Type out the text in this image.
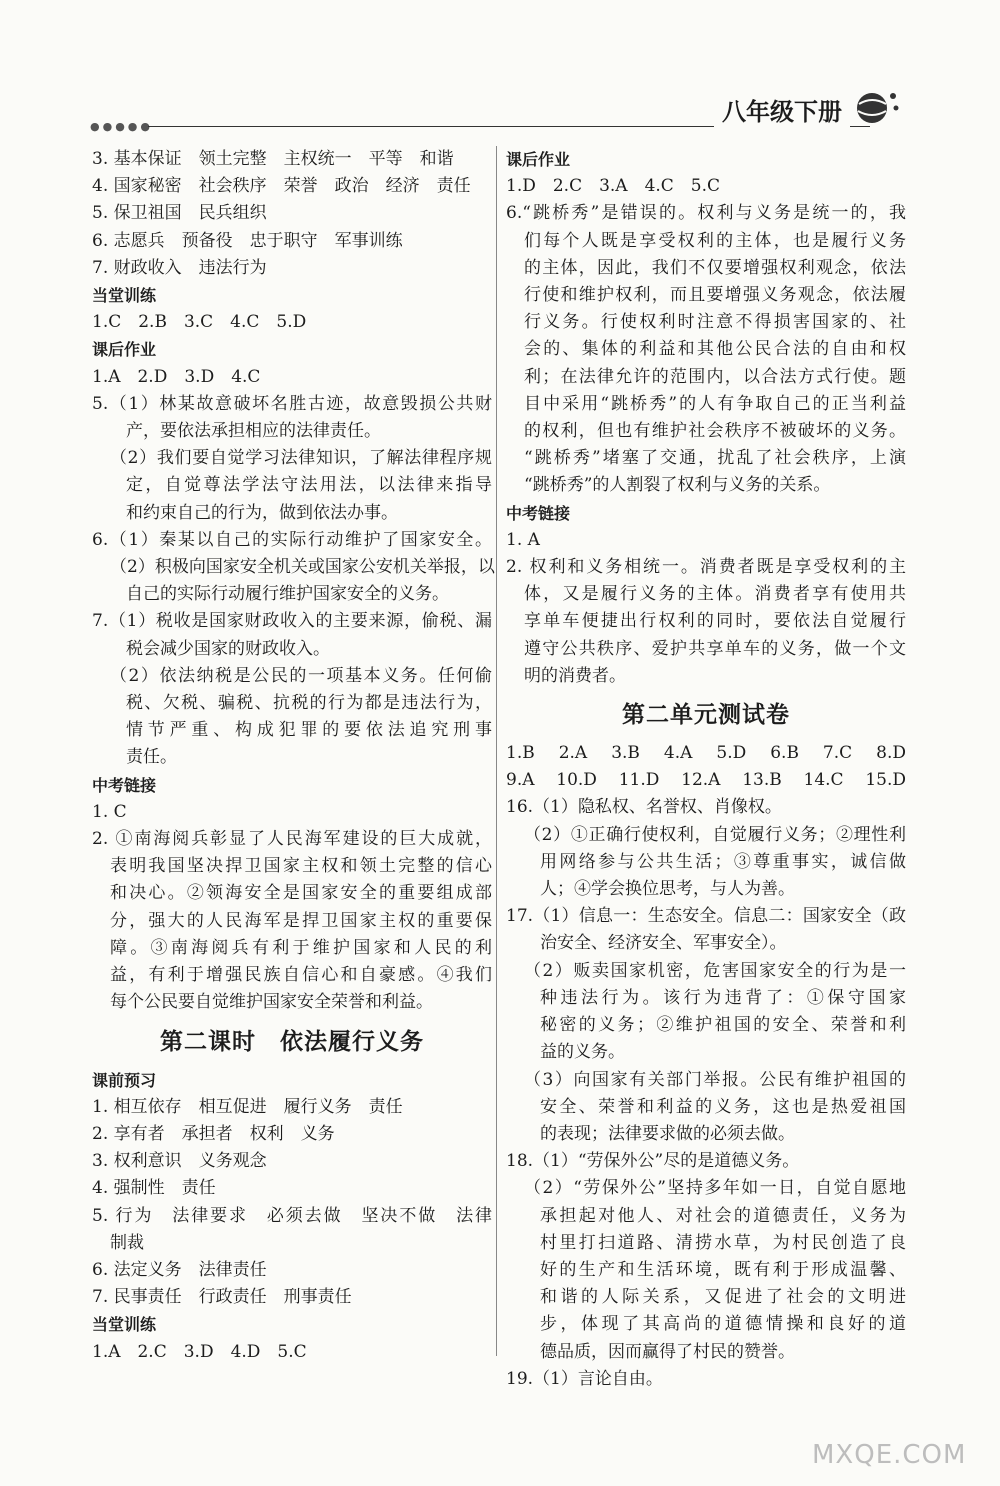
●●●●●
八年级下册
3. 基本保证　领土完整　主权统一　平等　和谐
4. 国家秘密　社会秩序　荣誉　政治　经济　责任
5. 保卫祖国　民兵组织
6. 志愿兵　预备役　忠于职守　军事训练
7. 财政收入　违法行为
当堂训练
1.C　2.B　3.C　4.C　5.D
课后作业
1.A　2.D　3.D　4.C
5.（1）林某故意破坏名胜古迹，故意毁损公共财
产，要依法承担相应的法律责任。
（2）我们要自觉学习法律知识，了解法律程序规
定，自觉尊法学法守法用法，以法律来指导
和约束自己的行为，做到依法办事。
6.（1）秦某以自己的实际行动维护了国家安全。
（2）积极向国家安全机关或国家公安机关举报，以
自己的实际行动履行维护国家安全的义务。
7.（1）税收是国家财政收入的主要来源，偷税、漏
税会减少国家的财政收入。
（2）依法纳税是公民的一项基本义务。任何偷
税、欠税、骗税、抗税的行为都是违法行为，
情节严重、构成犯罪的要依法追究刑事
责任。
中考链接
1. C
2. ①南海阅兵彰显了人民海军建设的巨大成就，
表明我国坚决捍卫国家主权和领土完整的信心
和决心。②领海安全是国家安全的重要组成部
分，强大的人民海军是捍卫国家主权的重要保
障。③南海阅兵有利于维护国家和人民的利
益，有利于增强民族自信心和自豪感。④我们
每个公民要自觉维护国家安全荣誉和利益。
第二课时　依法履行义务
课前预习
1. 相互依存　相互促进　履行义务　责任
2. 享有者　承担者　权利　义务
3. 权利意识　义务观念
4. 强制性　责任
5. 行为　法律要求　必须去做　坚决不做　法律
制裁
6. 法定义务　法律责任
7. 民事责任　行政责任　刑事责任
当堂训练
1.A　2.C　3.D　4.D　5.C
课后作业
1.D　2.C　3.A　4.C　5.C
6.“跳桥秀”是错误的。权利与义务是统一的，我
们每个人既是享受权利的主体，也是履行义务
的主体，因此，我们不仅要增强权利观念，依法
行使和维护权利，而且要增强义务观念，依法履
行义务。行使权利时注意不得损害国家的、社
会的、集体的利益和其他公民合法的自由和权
利；在法律允许的范围内，以合法方式行使。题
目中采用“跳桥秀”的人有争取自己的正当利益
的权利，但也有维护社会秩序不被破坏的义务。
“跳桥秀”堵塞了交通，扰乱了社会秩序，上演
“跳桥秀”的人割裂了权利与义务的关系。
中考链接
1. A
2. 权利和义务相统一。消费者既是享受权利的主
体，又是履行义务的主体。消费者享有使用共
享单车便捷出行权利的同时，要依法自觉履行
遵守公共秩序、爱护共享单车的义务，做一个文
明的消费者。
第二单元测试卷
1.B　2.A　3.B　4.A　5.D　6.B　7.C　8.D
9.A　10.D　11.D　12.A　13.B　14.C　15.D
16.（1）隐私权、名誉权、肖像权。
（2）①正确行使权利，自觉履行义务；②理性利
用网络参与公共生活；③尊重事实，诚信做
人；④学会换位思考，与人为善。
17.（1）信息一：生态安全。信息二：国家安全（政
治安全、经济安全、军事安全）。
（2）贩卖国家机密，危害国家安全的行为是一
种违法行为。该行为违背了：①保守国家
秘密的义务；②维护祖国的安全、荣誉和利
益的义务。
（3）向国家有关部门举报。公民有维护祖国的
安全、荣誉和利益的义务，这也是热爱祖国
的表现；法律要求做的必须去做。
18.（1）“劳保外公”尽的是道德义务。
（2）“劳保外公”坚持多年如一日，自觉自愿地
承担起对他人、对社会的道德责任，义务为
村里打扫道路、清捞水草，为村民创造了良
好的生产和生活环境，既有利于形成温馨、
和谐的人际关系，又促进了社会的文明进
步，体现了其高尚的道德情操和良好的道
德品质，因而赢得了村民的赞誉。
19.（1）言论自由。
MXQE.COM
